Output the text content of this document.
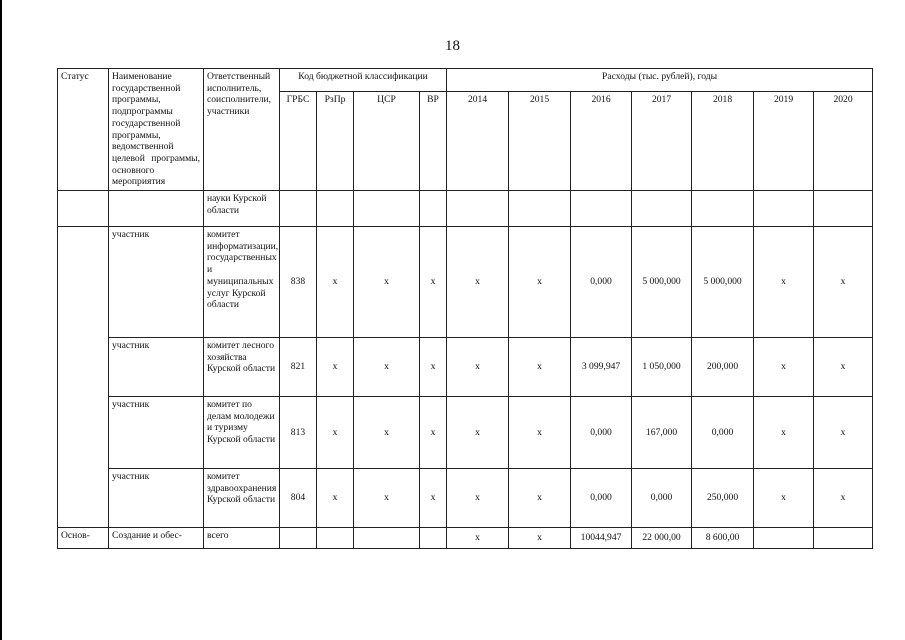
18
Статус	Наименование государственной программы, подпрограммы государственной программы, ведомственной целевой программы, основного мероприятия	Ответственный исполнитель, соисполнители, участники	Код бюджетной классификации				Расходы (тыс. рублей), годы						
			ГРБС	РзПр	ЦСР	ВР	2014	2015	2016	2017	2018	2019	2020
		науки Курской области											
	участник	комитет информатизации, государственных и муниципальных услуг Курской области	838	х	х	х	х	х	0,000	5 000,000	5 000,000	х	х
	участник	комитет лесного хозяйства Курской области	821	х	х	х	х	х	3 099,947	1 050,000	200,000	х	х
	участник	комитет по делам молодежи и туризму Курской области	813	х	х	х	х	х	0,000	167,000	0,000	х	х
	участник	комитет здравоохранения Курской области	804	х	х	х	х	х	0,000	0,000	250,000	х	х
Основ-	Создание и обес-	всего					х	х	10044,947	22 000,00	8 600,00		
